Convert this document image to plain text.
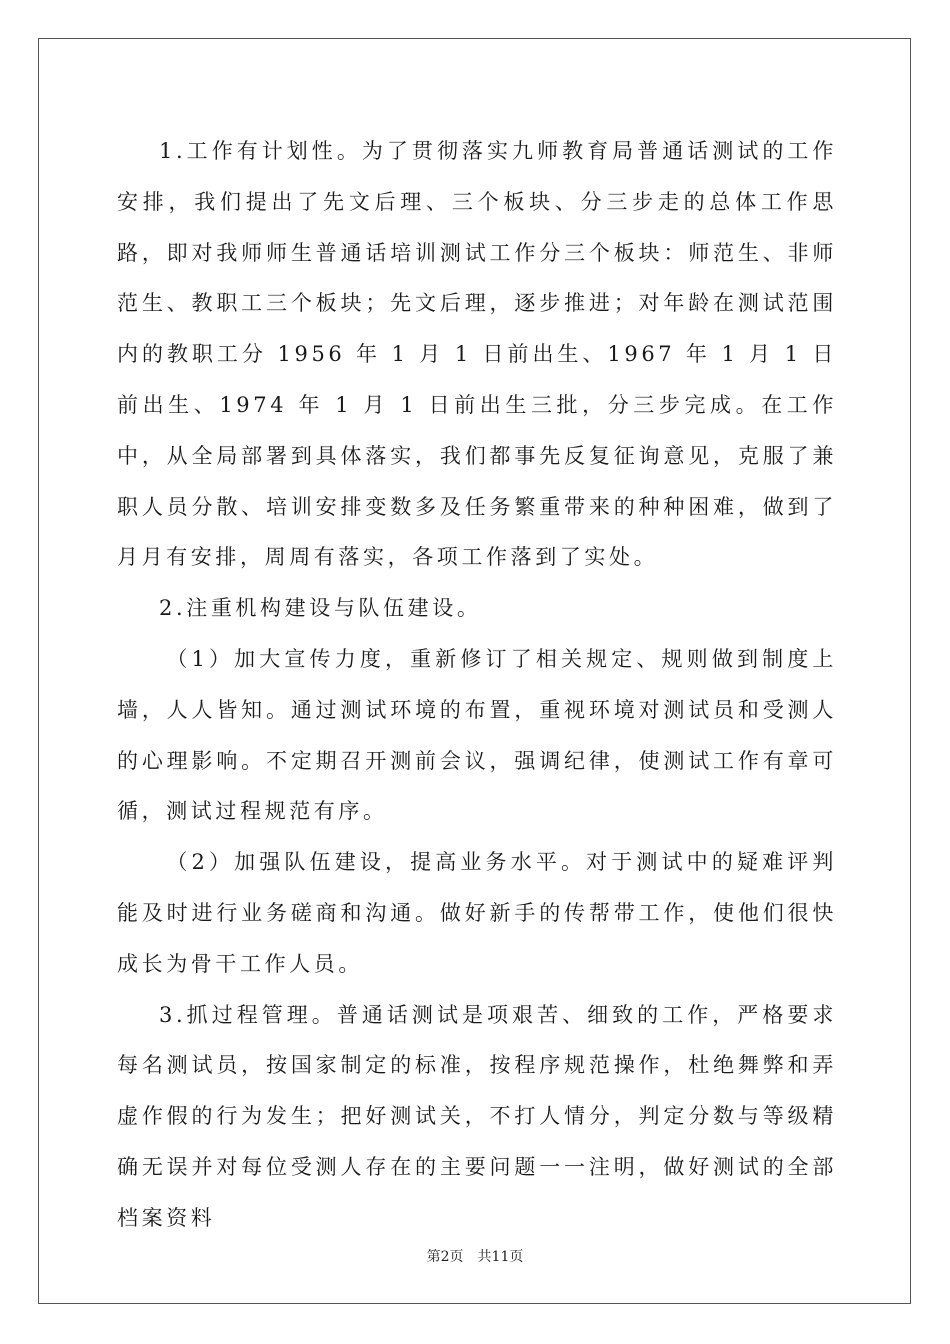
1.工作有计划性。为了贯彻落实九师教育局普通话测试的工作安排，我们提出了先文后理、三个板块、分三步走的总体工作思路，即对我师师生普通话培训测试工作分三个板块：师范生、非师范生、教职工三个板块；先文后理，逐步推进；对年龄在测试范围内的教职工分 1956 年 1 月 1 日前出生、1967 年 1 月 1 日前出生、1974 年 1 月 1 日前出生三批，分三步完成。在工作中，从全局部署到具体落实，我们都事先反复征询意见，克服了兼职人员分散、培训安排变数多及任务繁重带来的种种困难，做到了月月有安排，周周有落实，各项工作落到了实处。

2.注重机构建设与队伍建设。

（1）加大宣传力度，重新修订了相关规定、规则做到制度上墙，人人皆知。通过测试环境的布置，重视环境对测试员和受测人的心理影响。不定期召开测前会议，强调纪律，使测试工作有章可循，测试过程规范有序。

（2）加强队伍建设，提高业务水平。对于测试中的疑难评判能及时进行业务磋商和沟通。做好新手的传帮带工作，使他们很快成长为骨干工作人员。

3.抓过程管理。普通话测试是项艰苦、细致的工作，严格要求每名测试员，按国家制定的标准，按程序规范操作，杜绝舞弊和弄虚作假的行为发生；把好测试关，不打人情分，判定分数与等级精确无误并对每位受测人存在的主要问题一一注明，做好测试的全部档案资料

第2页 共11页
